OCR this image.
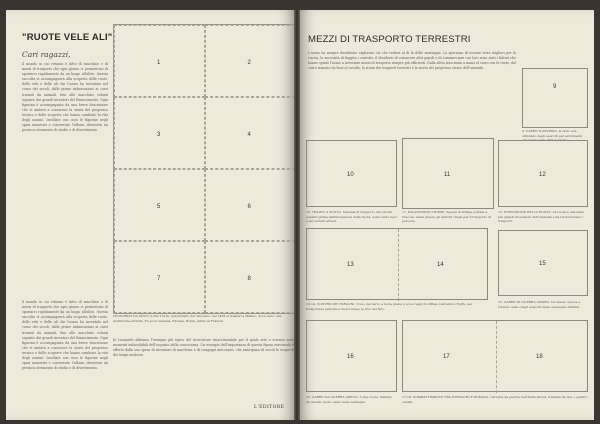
"RUOTE VELE ALI"
Cari ragazzi,
il mondo in cui viviamo è fatto di macchine e di mezzi di trasporto che ogni giorno ci permettono di spostarci rapidamente da un luogo all'altro. Questa raccolta vi accompagnerà alla scoperta delle ruote, delle vele e delle ali che l'uomo ha inventato nel corso dei secoli, dalle prime imbarcazioni ai carri trainati da animali, fino alle macchine volanti sognate dai grandi inventori del Rinascimento. Ogni figurina è accompagnata da una breve descrizione che vi aiuterà a conoscere la storia del progresso tecnico e delle scoperte che hanno cambiato la vita degli uomini. Incollate con cura le figurine negli spazi numerati e conservate l'album: diventerà un prezioso strumento di studio e di divertimento.
1	2
3	4
5	6
7	8
LEONARDO DA VINCI (1452-1519). Autoritratto del Vinciano, nel 1482 si trasferì a Milano, dove restò una multiforme attività. Fu poi a Venezia, Firenze, Roma, infine in Francia.
il mondo in cui viviamo è fatto di macchine e di mezzi di trasporto che ogni giorno ci permettono di spostarci rapidamente da un luogo all'altro. Questa raccolta vi accompagnerà alla scoperta delle ruote, delle vele e delle ali che l'uomo ha inventato nel corso dei secoli, dalle prime imbarcazioni ai carri trainati da animali, fino alle macchine volanti sognate dai grandi inventori del Rinascimento. Ogni figurina è accompagnata da una breve descrizione che vi aiuterà a conoscere la storia del progresso tecnico e delle scoperte che hanno cambiato la vita degli uomini. Incollate con cura le figurine negli spazi numerati e conservate l'album: diventerà un prezioso strumento di studio e di divertimento.
In Leonardo abbiamo l'esempio più tipico del ricercatore rinascimentale per il quale arte e scienza sono momenti indissolubili dell'acquisto della conoscenza. Un esempio dell'importanza di questa figura universale è offerto dalla sua opera di inventore di macchine e di congegni meccanici, che anticipano di secoli le scoperte dei tempi moderni.
L'EDITORE
MEZZI DI TRASPORTO TERRESTRI
L'uomo ha sempre desiderato esplorare ciò che vedeva al di là delle montagne. La speranza di trovare terre migliori per la caccia, la necessità di fuggire i carestie, il desiderio di conoscere altri popoli e di commerciare con loro sono stati i fattori che hanno spinto l'uomo a inventare mezzi di trasporto sempre più efficienti. Dalla slitta trascinata a mano al carro con le ruote, dal carro trainato da buoi al cavallo, la storia dei trasporti terrestri è la storia del progresso stesso dell'umanità.
9
9. CARRO D'ASSEDIO. Il carro era utilizzato dagli eserciti per avvicinarsi alle mura delle città nemiche.
10	11	12
10. TRAINO A SLITTA. Sistema di trasporto dei carichi pesanti prima dell'invenzione della ruota, usato sulle nevi e sui terreni erbosi.
11. PALANCHINO CINESE. Specie di lettiga portata a braccia, usata presso gli antichi cinesi per il trasporto di persone.
12. INVENZIONE DELLA RUOTA. La ruota è una delle più grandi invenzioni dell'umanità e ha rivoluzionato i trasporti.
13	14	15
13-14. CONTRO DEI FARAONI. L'uso del carro a ruote piene e poi a raggi fu diffuso nell'antico Egitto per trasportare persone e merci lungo le rive del Nilo.
15. CARRO DI GUERRA ASSIRO. Un mezzo veloce e robusto usato dagli eserciti nelle campagne militari.
16	17	18
16. CARRO DA GUERRA GRECO. A due ruote, trainato da cavalli, molto usato nelle battaglie.
17-18. COMBATTIMENTO TRA ETRUSCHI E ROMANI. Carretta da guerra nell'Italia antica, trainata da due o quattro cavalli.
